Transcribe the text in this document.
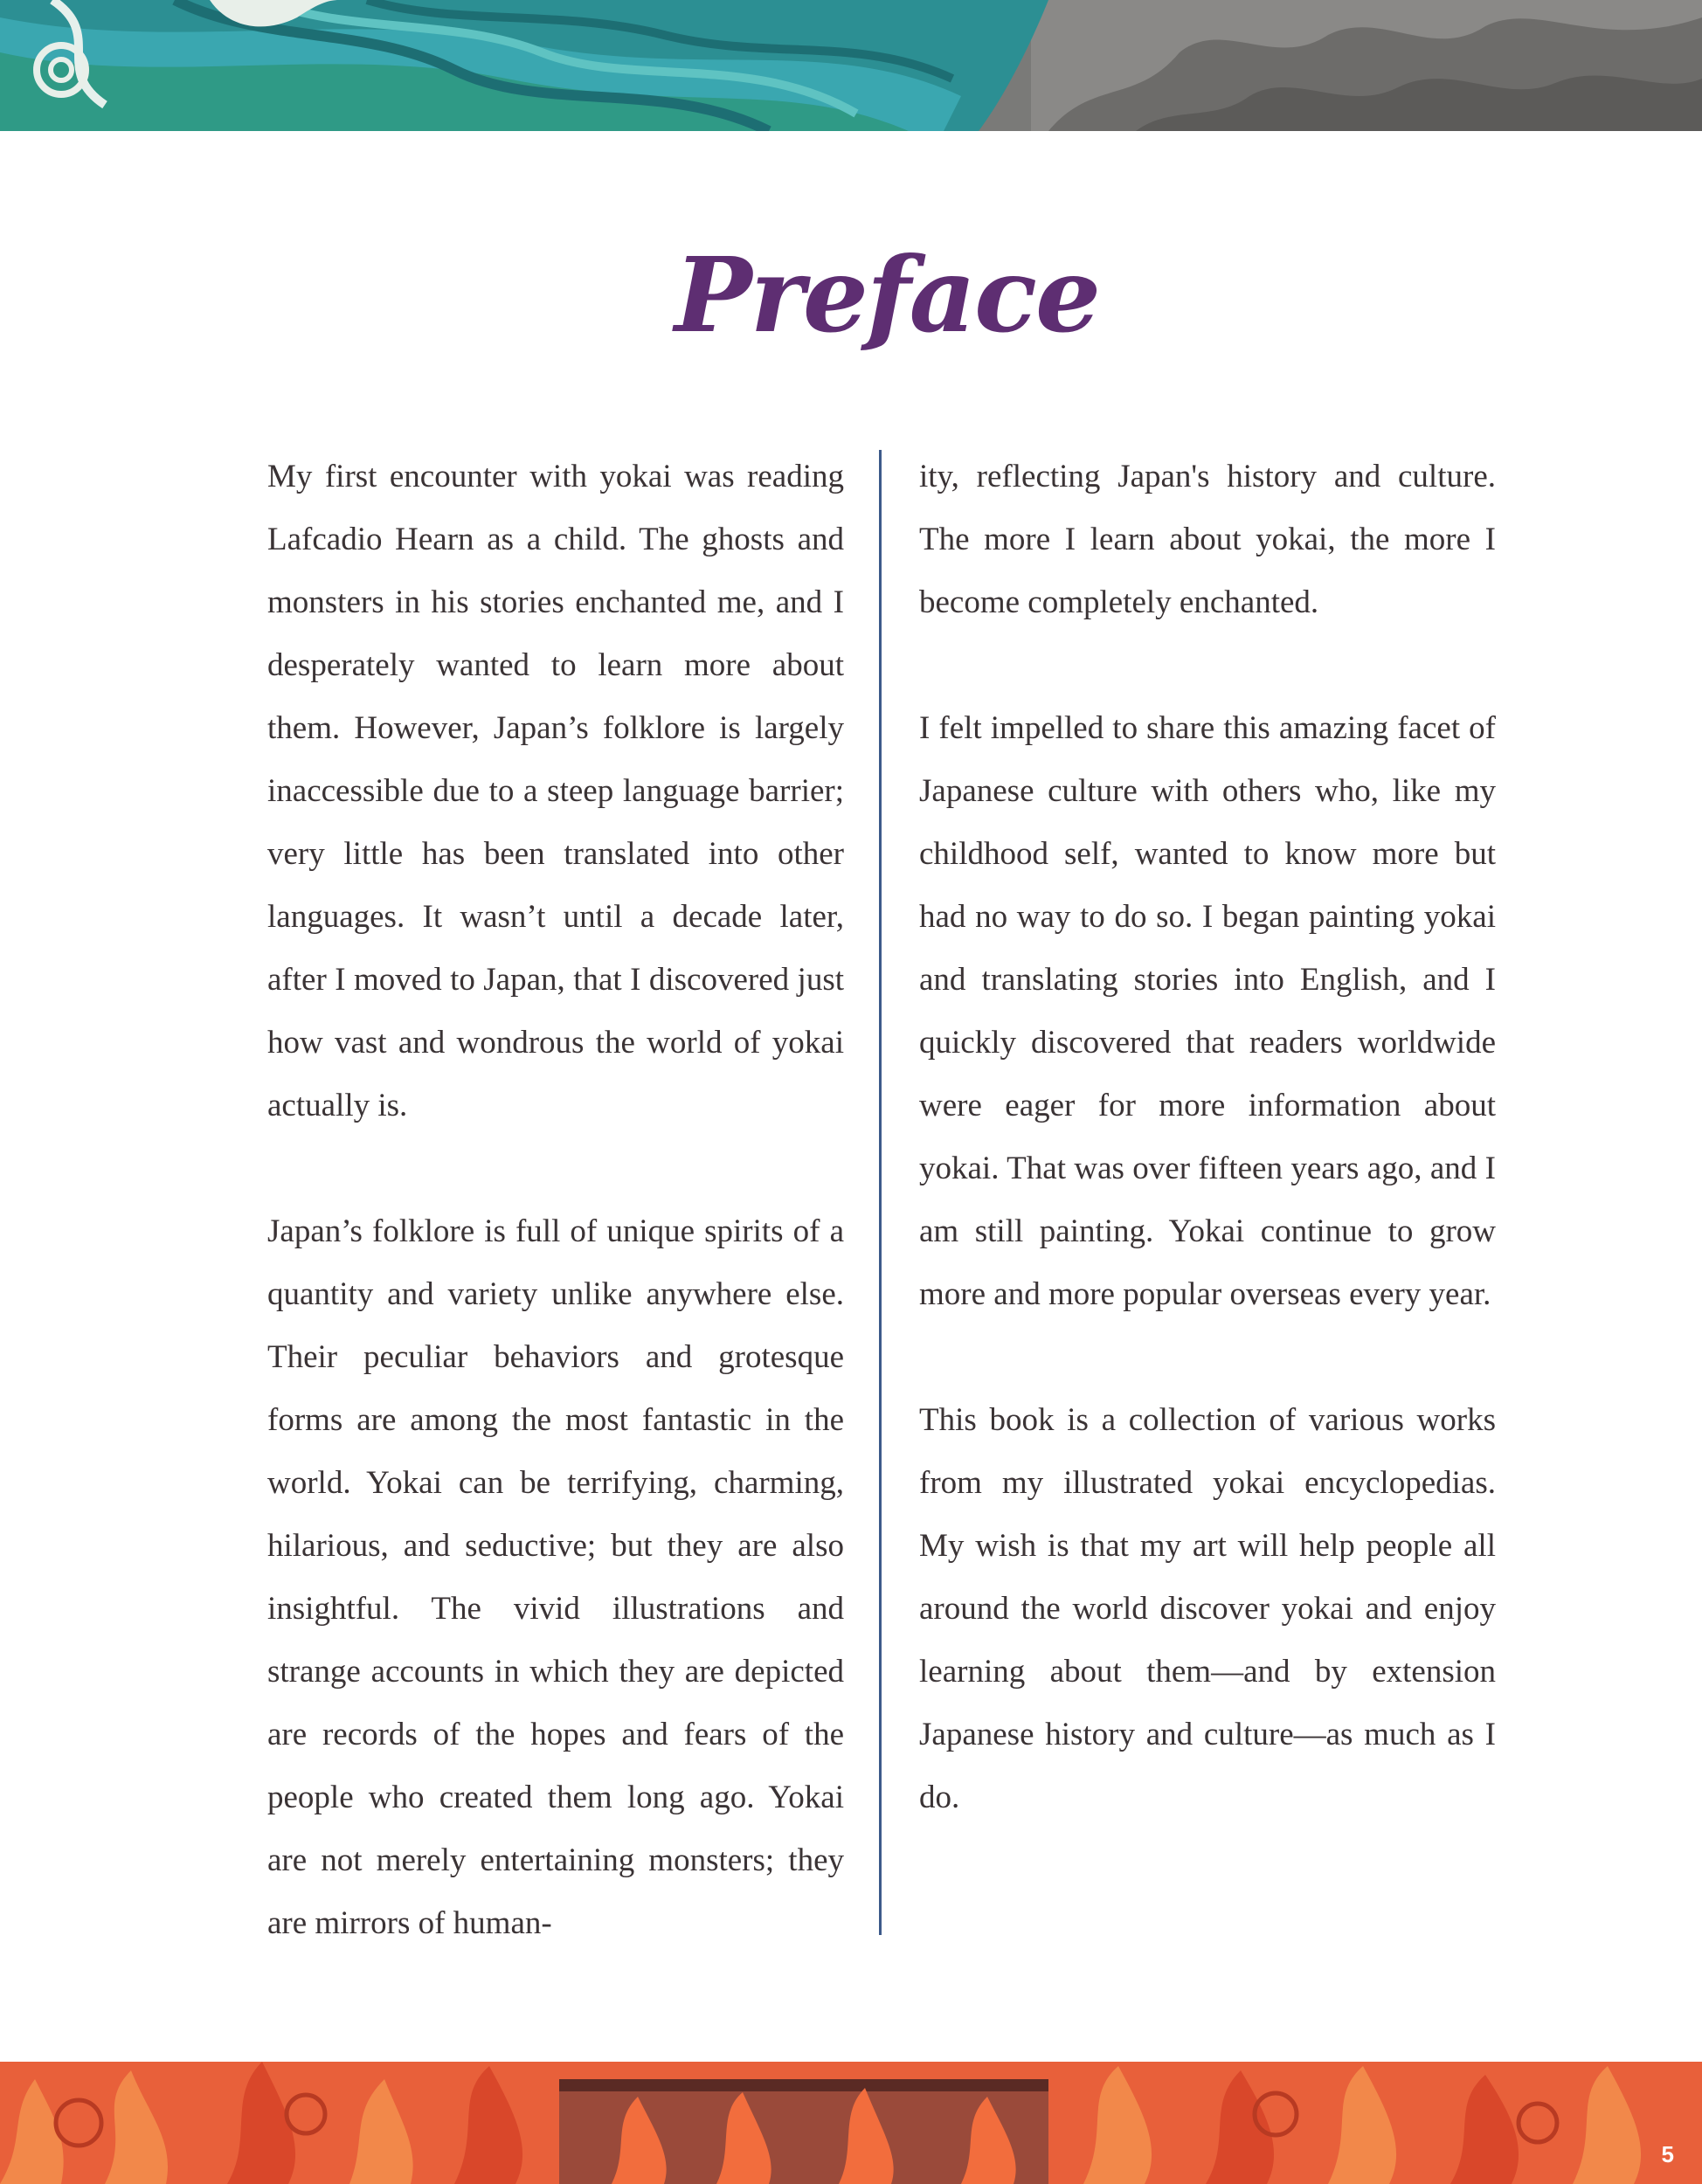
Preface

My first encounter with yokai was reading Lafcadio Hearn as a child. The ghosts and monsters in his stories enchanted me, and I desperately wanted to learn more about them. However, Japan’s folklore is largely inaccessible due to a steep language barrier; very little has been translated into other languages. It wasn’t until a decade later, after I moved to Japan, that I discovered just how vast and wondrous the world of yokai actually is.

Japan’s folklore is full of unique spirits of a quantity and variety unlike anywhere else. Their peculiar behaviors and grotesque forms are among the most fantastic in the world. Yokai can be terrifying, charming, hilarious, and seductive; but they are also insightful. The vivid illustrations and strange accounts in which they are depicted are records of the hopes and fears of the people who created them long ago. Yokai are not merely entertaining monsters; they are mirrors of human-

ity, reflecting Japan's history and culture. The more I learn about yokai, the more I become completely enchanted.

I felt impelled to share this amazing facet of Japanese culture with others who, like my childhood self, wanted to know more but had no way to do so. I began painting yokai and translating stories into English, and I quickly discovered that readers worldwide were eager for more information about yokai. That was over fifteen years ago, and I am still painting. Yokai continue to grow more and more popular overseas every year.

This book is a collection of various works from my illustrated yokai encyclopedias. My wish is that my art will help people all around the world discover yokai and enjoy learning about them—and by extension Japanese history and culture—as much as I do.

5
